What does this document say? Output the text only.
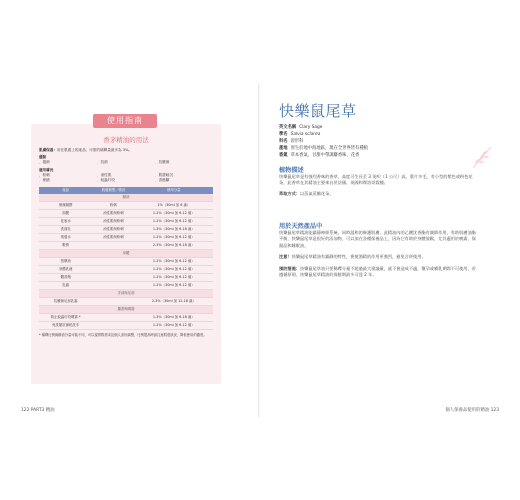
使用指南
香茅精油的用法
肌膚保養：用在肌膚上的產品，可塗的稀釋量最多為 3%。
優點
．殺菌	．抗菌	．抗黴菌
適用膚況
．粉刺	．油性肌	．肌膚暗沉
．痤瘡	．蚊蟲叮咬	．香港腳
產品	肌膚類型／情況	使用分量
臉部		
保濕凝膠	粉刺	1%（30ml 加 6 滴）
面膜	油性肌與粉刺	1-2%（30ml 加 6-12 滴）
化妝水	油性肌與粉刺	1-2%（30ml 加 6-12 滴）
洗面乳	油性肌與粉刺	1-3%（30ml 加 6-18 滴）
爽膚水	油性肌與粉刺	1-2%（30ml 加 6-12 滴）
敷膏		2-3%（30ml 加 6-18 滴）
身體		
按摩油		1-2%（30ml 加 6-12 滴）
身體乳液		1-2%（30ml 加 6-12 滴）
體香劑		1-2%（30ml 加 6-12 滴）
乳霜		1-2%（30ml 加 6-12 滴）
手部與足部		
抗黴菌足部乳霜		2-3%（30ml 加 12-18 滴）
擴香與噴霧		
防止蚊蟲叮咬噴霧 *		1-3%（30ml 加 6-18 滴）
免洗類抗菌乾洗手		1-2%（30ml 加 6-12 滴）
* 稀釋比例與精油分量可能不同，可以視實際需求及個人喜好調整，比例提高時請注意肌膚狀況，降低使用的濃度。
122 PART3 精油
快樂鼠尾草
英文名稱 Clary Sage
學名 Salvia sclarea
科名 唇形科
產地 原生於地中海地區，現在全世界皆有種植
香氣 草本香氣，甘甜中帶調麝香味、花香
植物描述
快樂鼠尾草是有強烈香味的香草，高度可生長至 3 英呎（1 公尺）高，葉片多毛，有小型的紫色或粉色花朵，此香草在其精油主要來自於法國、英國和摩洛哥栽種。
萃取方式：以蒸氣蒸餾花朵。
用於天然產品中
快樂鼠尾草精油能鎮靜神經系統，同時溫和的修護肌膚，此精油內的乙酸沈香酯有調節作用，有助肌膚油脂平衡，快樂鼠尾草是很好的添加物，可以加在各種保養品上，因為它有助於身體放鬆，尤其適用於晚霜、保濕品和睡眠油。
注意！快樂鼠尾草精油有鎮靜的特性，會使酒精的作用更強烈，避免合併使用。
預防措施：快樂鼠尾草油只要稀釋分量不超過最大建議量，就不會造成不適，懷孕或哺乳期間不可使用，若遵循原則，快樂鼠尾草精油的保鮮期最多可達 2 年。
個人保養品使用的精油 123
